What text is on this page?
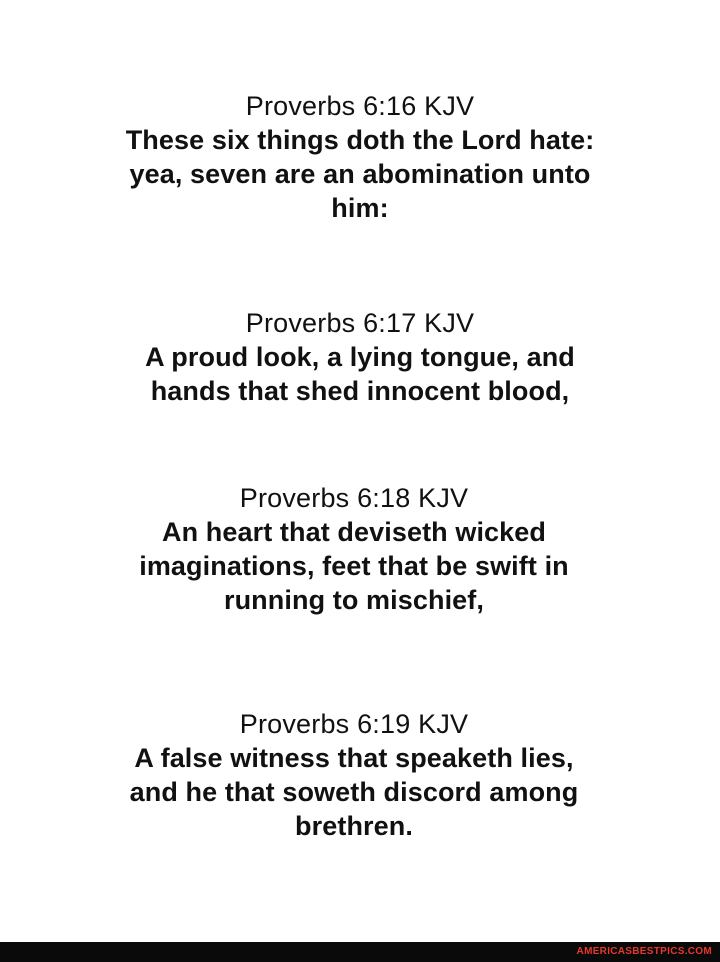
Proverbs 6:16 KJV
These six things doth the Lord hate:
yea, seven are an abomination unto
him:
Proverbs 6:17 KJV
A proud look, a lying tongue, and
hands that shed innocent blood,
Proverbs 6:18 KJV
An heart that deviseth wicked
imaginations, feet that be swift in
running to mischief,
Proverbs 6:19 KJV
A false witness that speaketh lies,
and he that soweth discord among
brethren.
AMERICASBESTPICS.COM
